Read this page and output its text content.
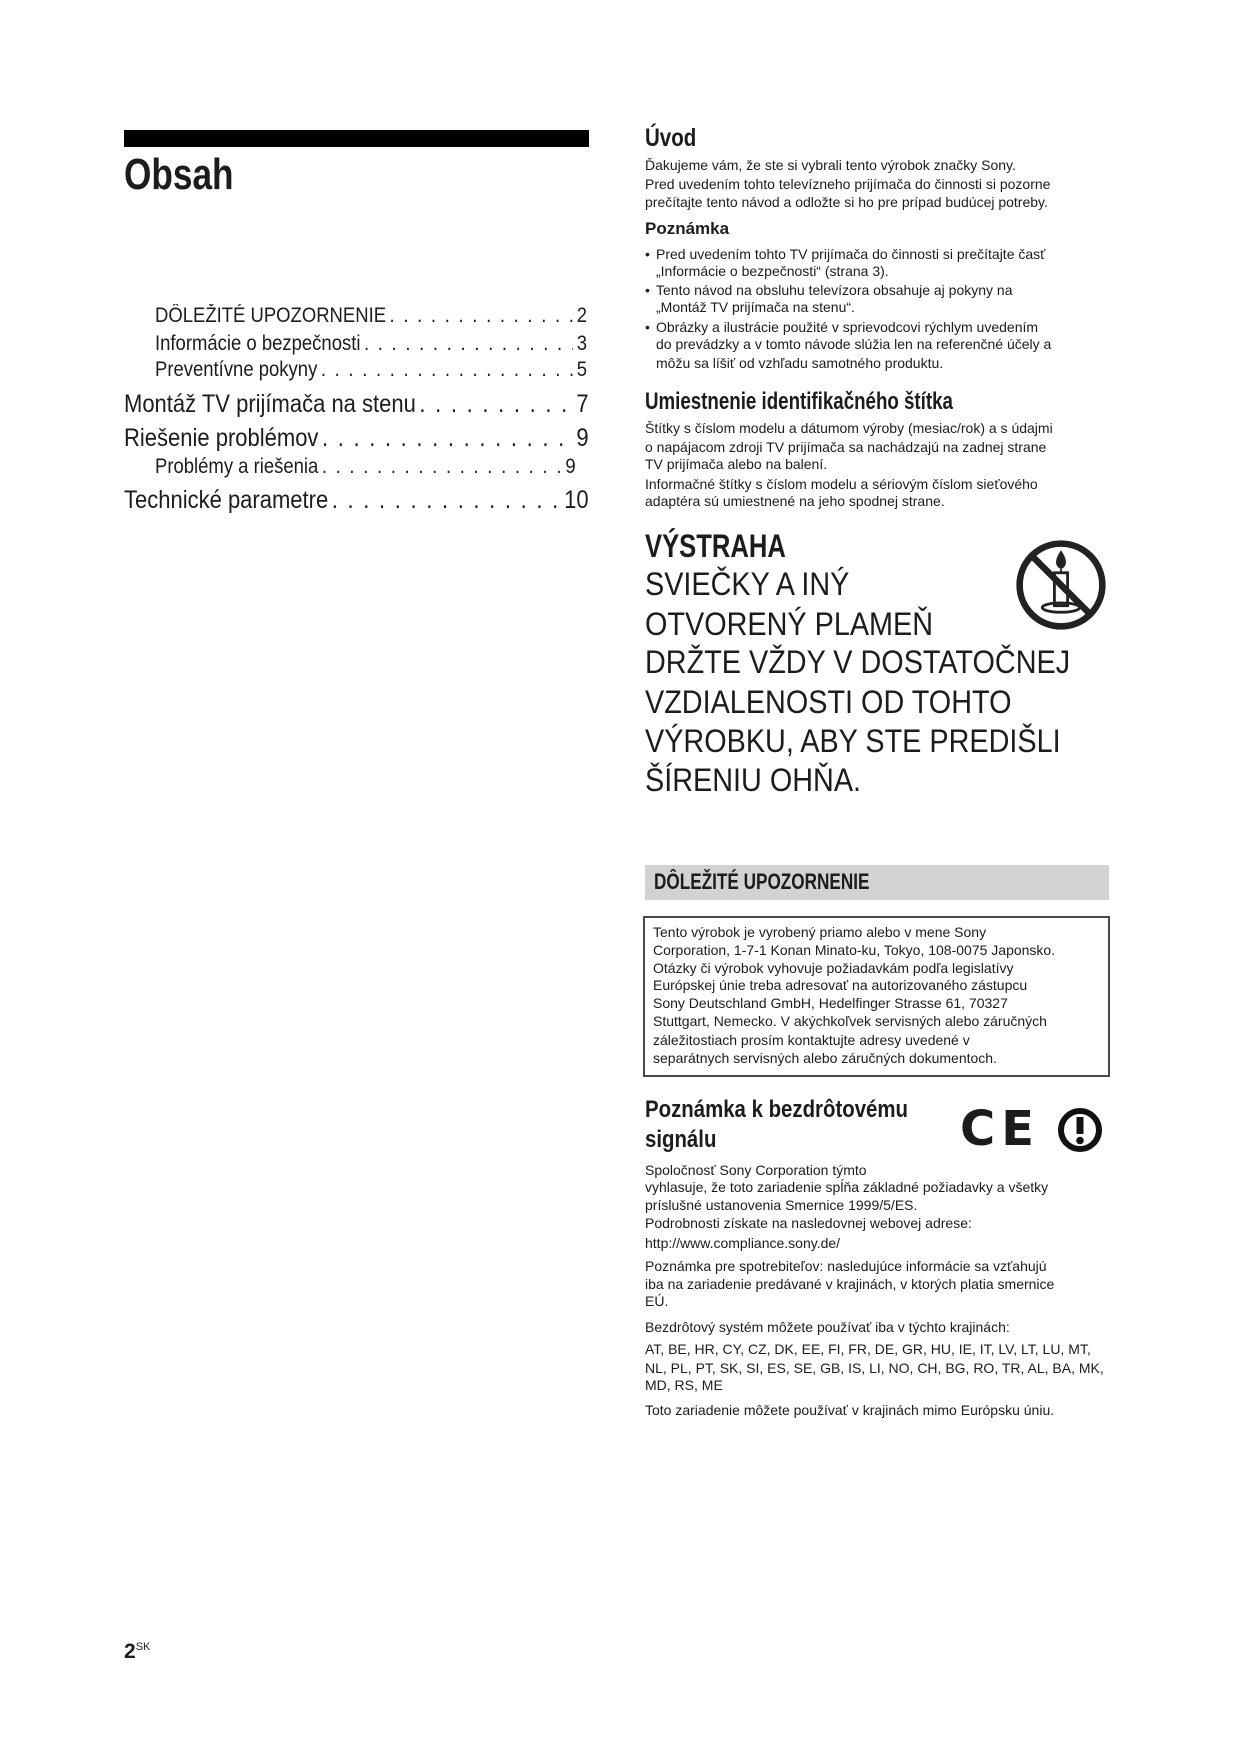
Obsah
DÔLEŽITÉ UPOZORNENIE . . .	2
Informácie o bezpečnosti . . .	3
Preventívne pokyny . . .	5
Montáž TV prijímača na stenu . . .	7
Riešenie problémov . . .	9
Problémy a riešenia . . .	9
Technické parametre . . .	10
Úvod
Ďakujeme vám, že ste si vybrali tento výrobok značky Sony.
Pred uvedením tohto televízneho prijímača do činnosti si pozorne
prečítajte tento návod a odložte si ho pre prípad budúcej potreby.
Poznámka
•
Pred uvedením tohto TV prijímača do činnosti si prečítajte časť
„Informácie o bezpečnosti“ (strana 3).
•
Tento návod na obsluhu televízora obsahuje aj pokyny na
„Montáž TV prijímača na stenu“.
•
Obrázky a ilustrácie použité v sprievodcovi rýchlym uvedením
do prevádzky a v tomto návode slúžia len na referenčné účely a
môžu sa líšiť od vzhľadu samotného produktu.
Umiestnenie identifikačného štítka
Štítky s číslom modelu a dátumom výroby (mesiac/rok) a s údajmi
o napájacom zdroji TV prijímača sa nachádzajú na zadnej strane
TV prijímača alebo na balení.
Informačné štítky s číslom modelu a sériovým číslom sieťového
adaptéra sú umiestnené na jeho spodnej strane.
VÝSTRAHA
SVIEČKY A INÝ
OTVORENÝ PLAMEŇ
DRŽTE VŽDY V DOSTATOČNEJ
VZDIALENOSTI OD TOHTO
VÝROBKU, ABY STE PREDIŠLI
ŠÍRENIU OHŇA.
DÔLEŽITÉ UPOZORNENIE
Tento výrobok je vyrobený priamo alebo v mene Sony
Corporation, 1-7-1 Konan Minato-ku, Tokyo, 108-0075 Japonsko.
Otázky či výrobok vyhovuje požiadavkám podľa legislatívy
Európskej únie treba adresovať na autorizovaného zástupcu
Sony Deutschland GmbH, Hedelfinger Strasse 61, 70327
Stuttgart, Nemecko. V akýchkoľvek servisných alebo záručných
záležitostiach prosím kontaktujte adresy uvedené v
separátnych servisných alebo záručných dokumentoch.
Poznámka k bezdrôtovému
signálu	CE
Spoločnosť Sony Corporation týmto
vyhlasuje, že toto zariadenie spĺňa základné požiadavky a všetky
príslušné ustanovenia Smernice 1999/5/ES.
Podrobnosti získate na nasledovnej webovej adrese:
http://www.compliance.sony.de/
Poznámka pre spotrebiteľov: nasledujúce informácie sa vzťahujú
iba na zariadenie predávané v krajinách, v ktorých platia smernice
EÚ.
Bezdrôtový systém môžete používať iba v týchto krajinách:
AT, BE, HR, CY, CZ, DK, EE, FI, FR, DE, GR, HU, IE, IT, LV, LT, LU, MT,
NL, PL, PT, SK, SI, ES, SE, GB, IS, LI, NO, CH, BG, RO, TR, AL, BA, MK,
MD, RS, ME
Toto zariadenie môžete používať v krajinách mimo Európsku úniu.
$2^{SK}$
